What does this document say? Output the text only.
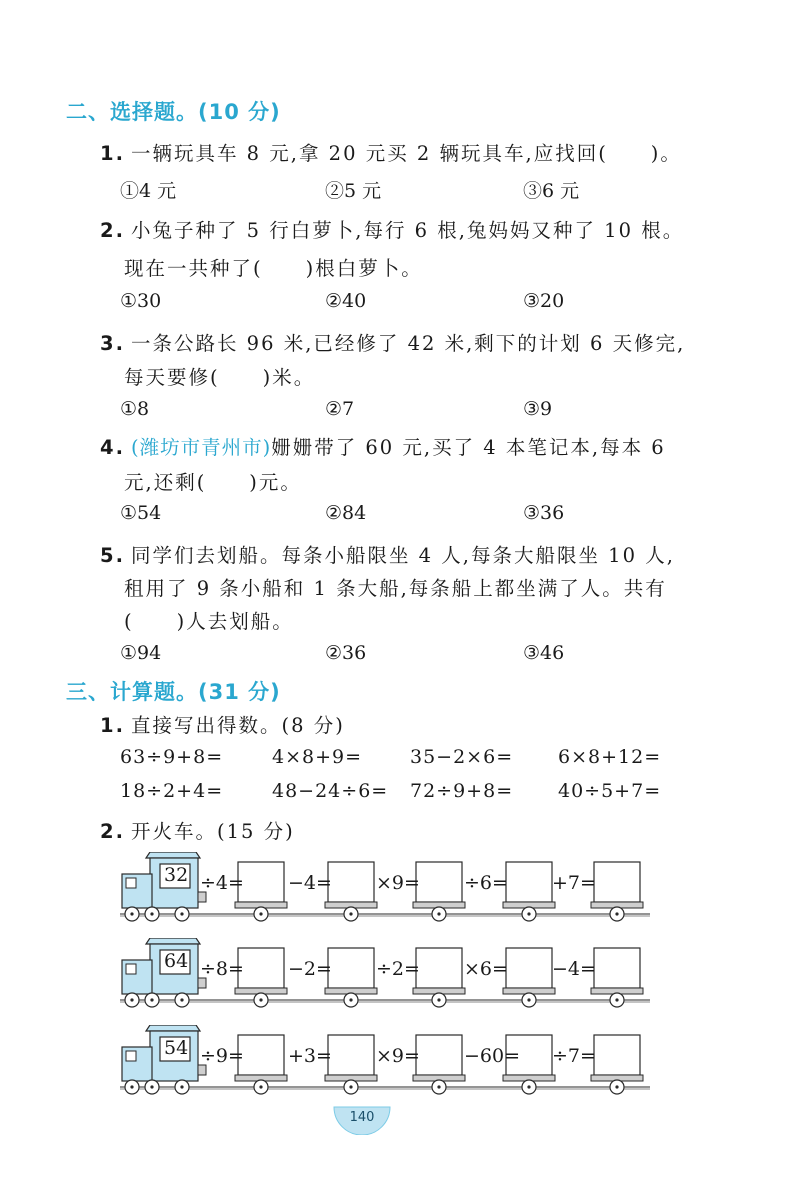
二、选择题。(10 分)
1. 一辆玩具车 8 元,拿 20 元买 2 辆玩具车,应找回(　　)。
①4 元	②5 元	③6 元
2. 小兔子种了 5 行白萝卜,每行 6 根,兔妈妈又种了 10 根。
现在一共种了(　　)根白萝卜。
①30	②40	③20
3. 一条公路长 96 米,已经修了 42 米,剩下的计划 6 天修完,
每天要修(　　)米。
①8	②7	③9
4. (潍坊市青州市)姗姗带了 60 元,买了 4 本笔记本,每本 6
元,还剩(　　)元。
①54	②84	③36
5. 同学们去划船。每条小船限坐 4 人,每条大船限坐 10 人,
租用了 9 条小船和 1 条大船,每条船上都坐满了人。共有
(　　)人去划船。
①94	②36	③46
三、计算题。(31 分)
1. 直接写出得数。(8 分)
63÷9+8=	4×8+9=	35−2×6= 6×8+12=
18÷2+4=	48−24÷6= 72÷9+8= 40÷5+7=
2. 开火车。(15 分)
32 ÷4= −4= ×9= ÷6= +7=
64 ÷8= −2= ÷2= ×6= −4=
54 ÷9= +3= ×9= −60= ÷7=
140
